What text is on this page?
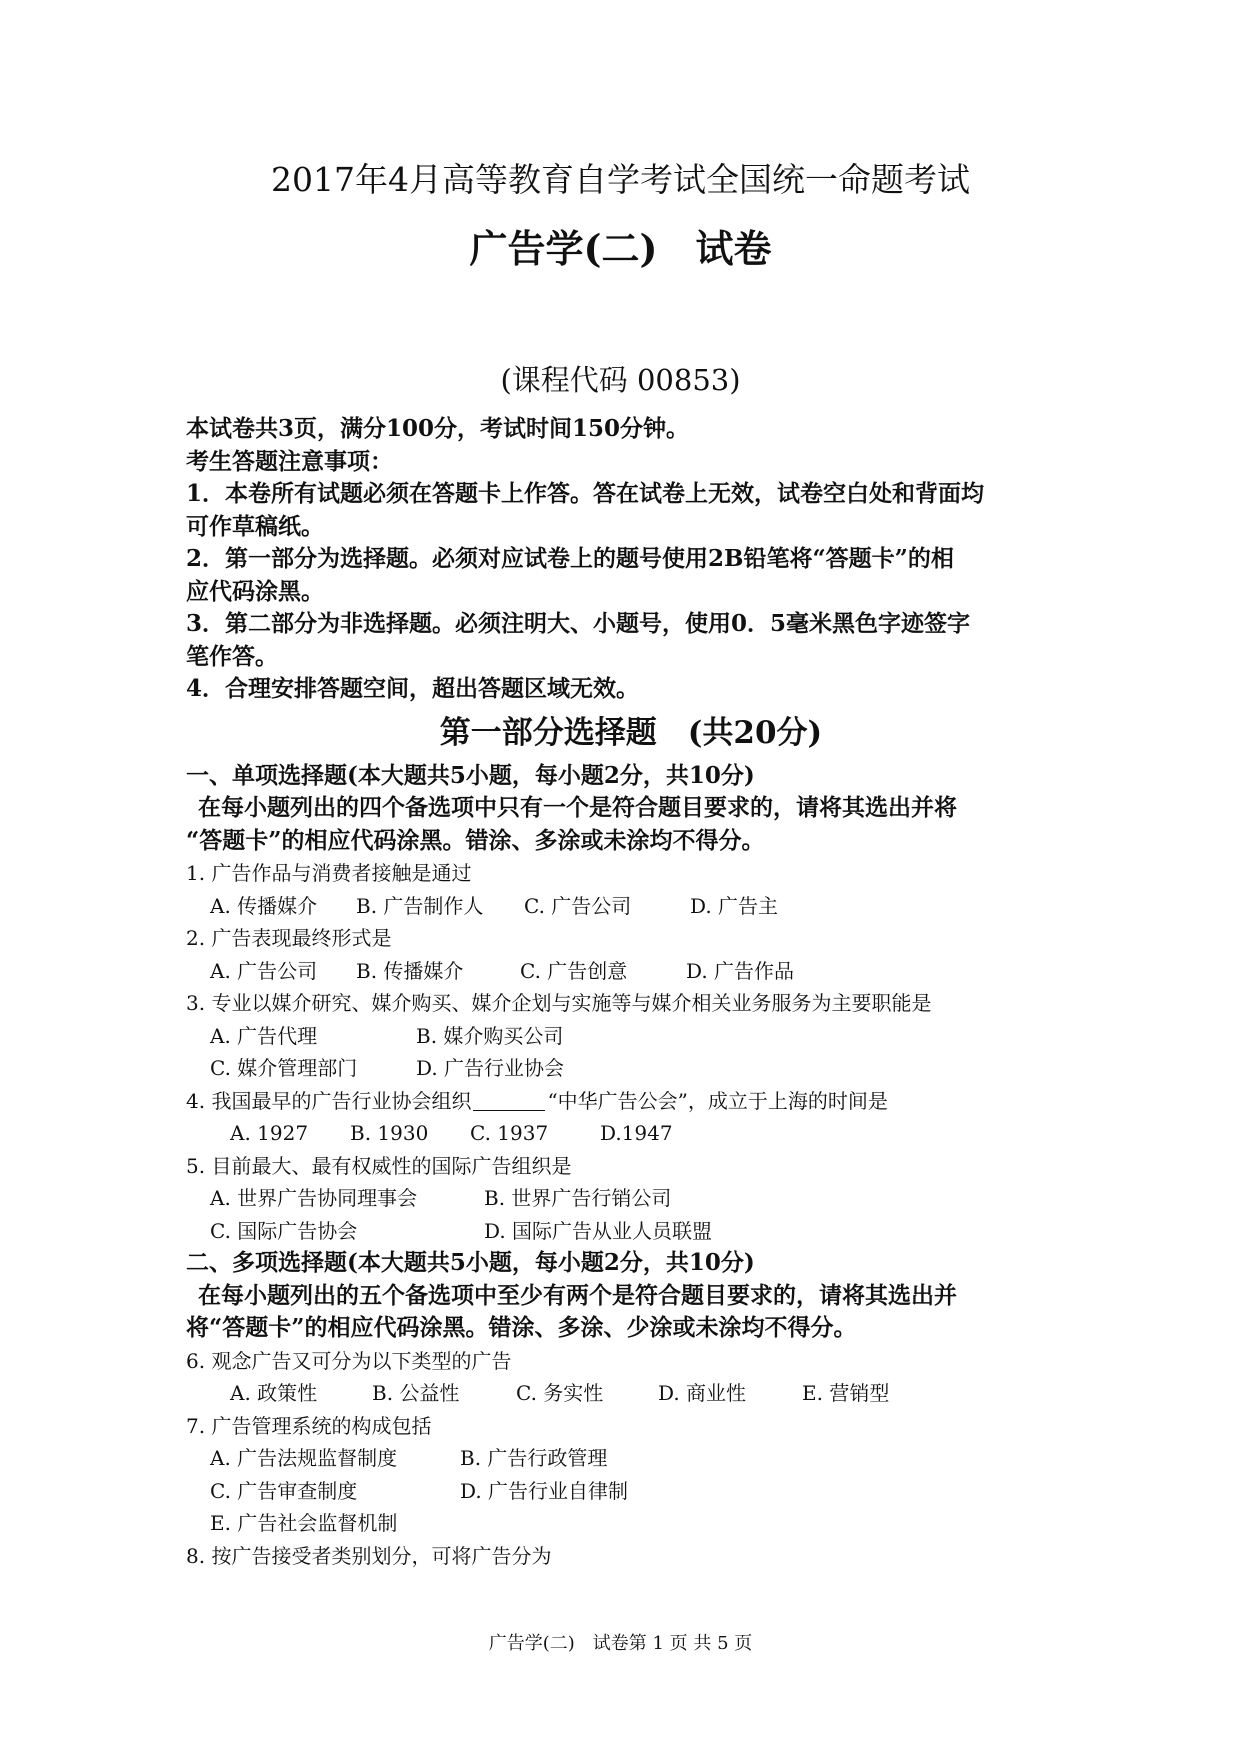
2017年4月高等教育自学考试全国统一命题考试
广告学(二)　试卷
(课程代码 00853)
本试卷共3页，满分100分，考试时间150分钟。
考生答题注意事项：
1．本卷所有试题必须在答题卡上作答。答在试卷上无效，试卷空白处和背面均
可作草稿纸。
2．第一部分为选择题。必须对应试卷上的题号使用2B铅笔将“答题卡”的相
应代码涂黑。
3．第二部分为非选择题。必须注明大、小题号，使用0．5毫米黑色字迹签字
笔作答。
4．合理安排答题空间，超出答题区域无效。
第一部分选择题　(共20分)
一、单项选择题(本大题共5小题，每小题2分，共10分)
在每小题列出的四个备选项中只有一个是符合题目要求的，请将其选出并将
“答题卡”的相应代码涂黑。错涂、多涂或未涂均不得分。
1. 广告作品与消费者接触是通过
A. 传播媒介 B. 广告制作人 C. 广告公司	D. 广告主
2. 广告表现最终形式是
A. 广告公司 B. 传播媒介	C. 广告创意	D. 广告作品
3. 专业以媒介研究、媒介购买、媒介企划与实施等与媒介相关业务服务为主要职能是
A. 广告代理	B. 媒介购买公司
C. 媒介管理部门	D. 广告行业协会
4. 我国最早的广告行业协会组织	“中华广告公会”，成立于上海的时间是
A. 1927 B. 1930 C. 1937	D.1947
5. 目前最大、最有权威性的国际广告组织是
A. 世界广告协同理事会	B. 世界广告行销公司
C. 国际广告协会	D. 国际广告从业人员联盟
二、多项选择题(本大题共5小题，每小题2分，共10分)
在每小题列出的五个备选项中至少有两个是符合题目要求的，请将其选出并
将“答题卡”的相应代码涂黑。错涂、多涂、少涂或未涂均不得分。
6. 观念广告又可分为以下类型的广告
A. 政策性	B. 公益性	C. 务实性	D. 商业性	E. 营销型
7. 广告管理系统的构成包括
A. 广告法规监督制度	B. 广告行政管理
C. 广告审查制度	D. 广告行业自律制
E. 广告社会监督机制
8. 按广告接受者类别划分，可将广告分为
广告学(二)　试卷第 1 页 共 5 页
